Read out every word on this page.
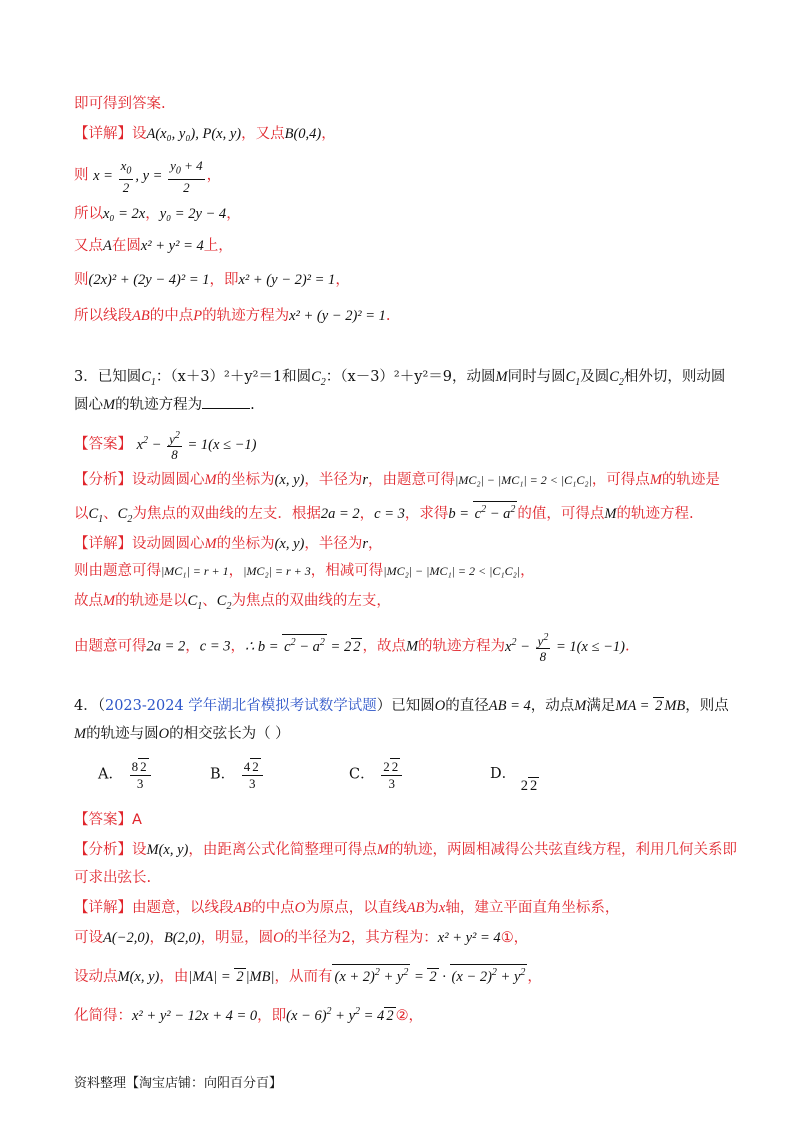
即可得到答案.
【详解】设A(x₀, y₀), P(x, y)，又点B(0,4)，
则 $x = \frac{x_0}{2}$ , $y = \frac{y_0 + 4}{2}$ ，
所以x₀ = 2x，y₀ = 2y − 4，
又点A在圆x² + y² = 4上，
则(2x)² + (2y − 4)² = 1，即x² + (y − 2)² = 1，
所以线段AB的中点P的轨迹方程为x² + (y − 2)² = 1.
3．已知圆$C_1$：（x＋3）²＋y²＝1和圆$C_2$：（x－3）²＋y²＝9，动圆M同时与圆$C_1$及圆$C_2$相外切，则动圆
圆心M的轨迹方程为	.
【答案】 $x^2 - \frac{y^2}{8} = 1(x \le -1)$
【分析】设动圆圆心M的坐标为(x, y)，半径为r，由题意可得|MC₂| − |MC₁| = 2 < |C₁C₂|，可得点M的轨迹是
以$C_1$、$C_2$为焦点的双曲线的左支．根据2a = 2，c = 3，求得$b = c^2 - a^2$ 的值，可得点M的轨迹方程.
【详解】设动圆圆心M的坐标为(x, y)，半径为r，
则由题意可得|MC₁| = r + 1，|MC₂| = r + 3，相减可得|MC₂| − |MC₁| = 2 < |C₁C₂|，
故点M的轨迹是以$C_1$、$C_2$为焦点的双曲线的左支，
由题意可得2a = 2，c = 3，∴ $b = c^2 - a^2 = 2$ 2 ，故点M的轨迹方程为$x^2 - \frac{y^2}{8} = 1(x \le -1)$.
4．（2023-2024 学年湖北省模拟考试数学试题）已知圆O的直径AB = 4，动点M满足MA = 2 MB，则点
M的轨迹与圆O的相交弦长为（ ）
A． $\frac{8 2}{3}$	B． $\frac{4 2}{3}$	C． $\frac{2 2}{3}$	D． 2 2
【答案】A
【分析】设M(x, y)，由距离公式化简整理可得点M的轨迹，两圆相减得公共弦直线方程，利用几何关系即
可求出弦长.
【详解】由题意，以线段AB的中点O为原点，以直线AB为x轴，建立平面直角坐标系，
可设A(−2,0)，B(2,0)，明显，圆O的半径为2，其方程为：x² + y² = 4①，
设动点M(x, y)，由|MA| = 2 |MB|，从而有 $(x + 2)^2 + y^2 = 2 \cdot (x - 2)^2 + y^2$ ，
化简得：x² + y² − 12x + 4 = 0，即$(x - 6)^2 + y^2 = 4$ 2 ②，
资料整理【淘宝店铺：向阳百分百】
